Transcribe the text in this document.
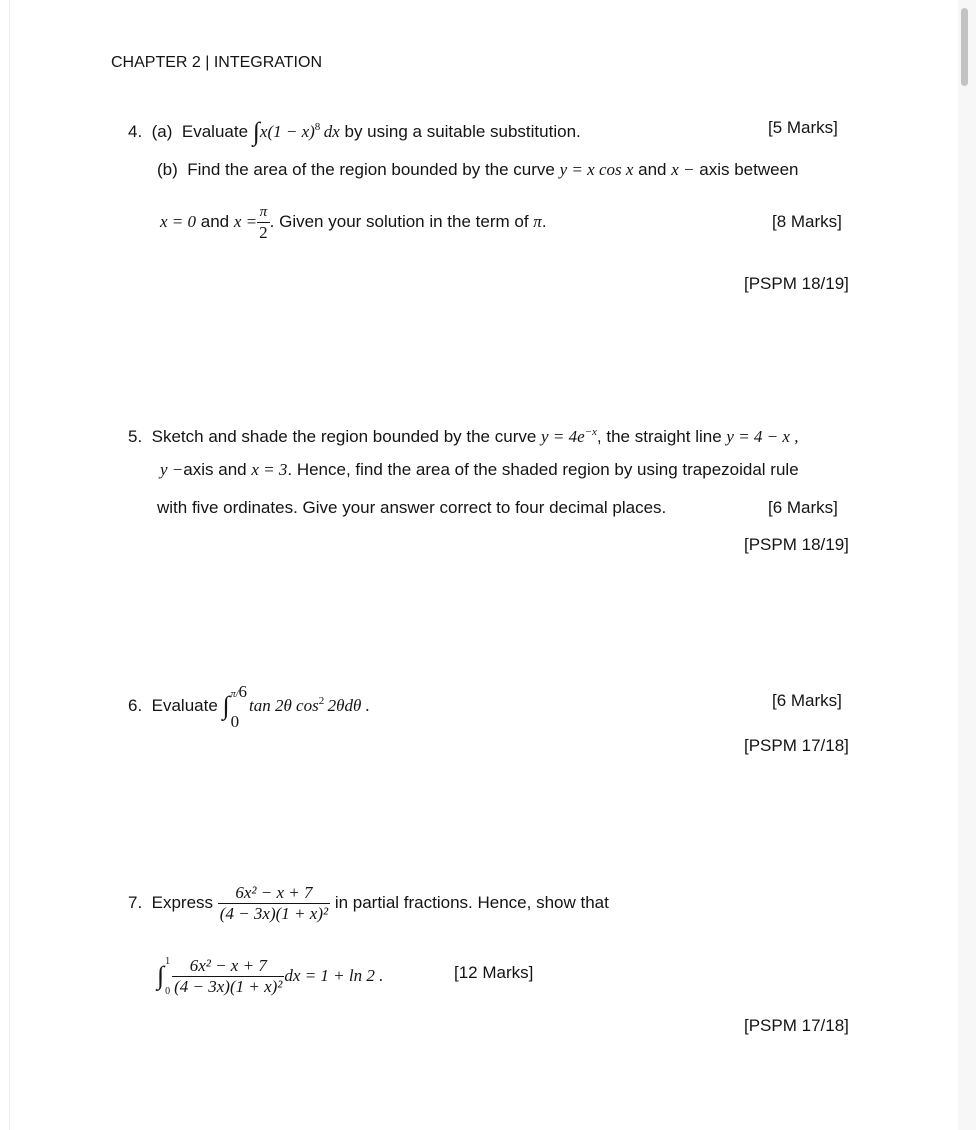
CHAPTER 2 | INTEGRATION
4. (a) Evaluate $\int x(1 - x)^8$  dx by using a suitable substitution.	[5 Marks]
(b) Find the area of the region bounded by the curve y = x cos x and x − axis between
x = 0 and $x = \frac{\pi}{2}$ . Given your solution in the term of π.	[8 Marks]
[PSPM 18/19]
5. Sketch and shade the region bounded by the curve $y = 4e^{-x}$, the straight line y = 4 − x ,
y −axis and x = 3. Hence, find the area of the shaded region by using trapezoidal rule
with five ordinates. Give your answer correct to four decimal places.	[6 Marks]
[PSPM 18/19]
6. Evaluate ∫ π/6
0
tan 2θ $\cos^2 2\theta d\theta$ .	[6 Marks]
[PSPM 17/18]
7. Express $\frac{\text{6x² − x + 7}}{\text{(4 − 3x)(1 + x)²}}$ in partial fractions. Hence, show that
∫ 1
$0 \frac{\text{6x² − x + 7}}{\text{(4 − 3x)(1 + x)²}}$ dx = 1 + ln 2 .	[12 Marks]
[PSPM 17/18]
